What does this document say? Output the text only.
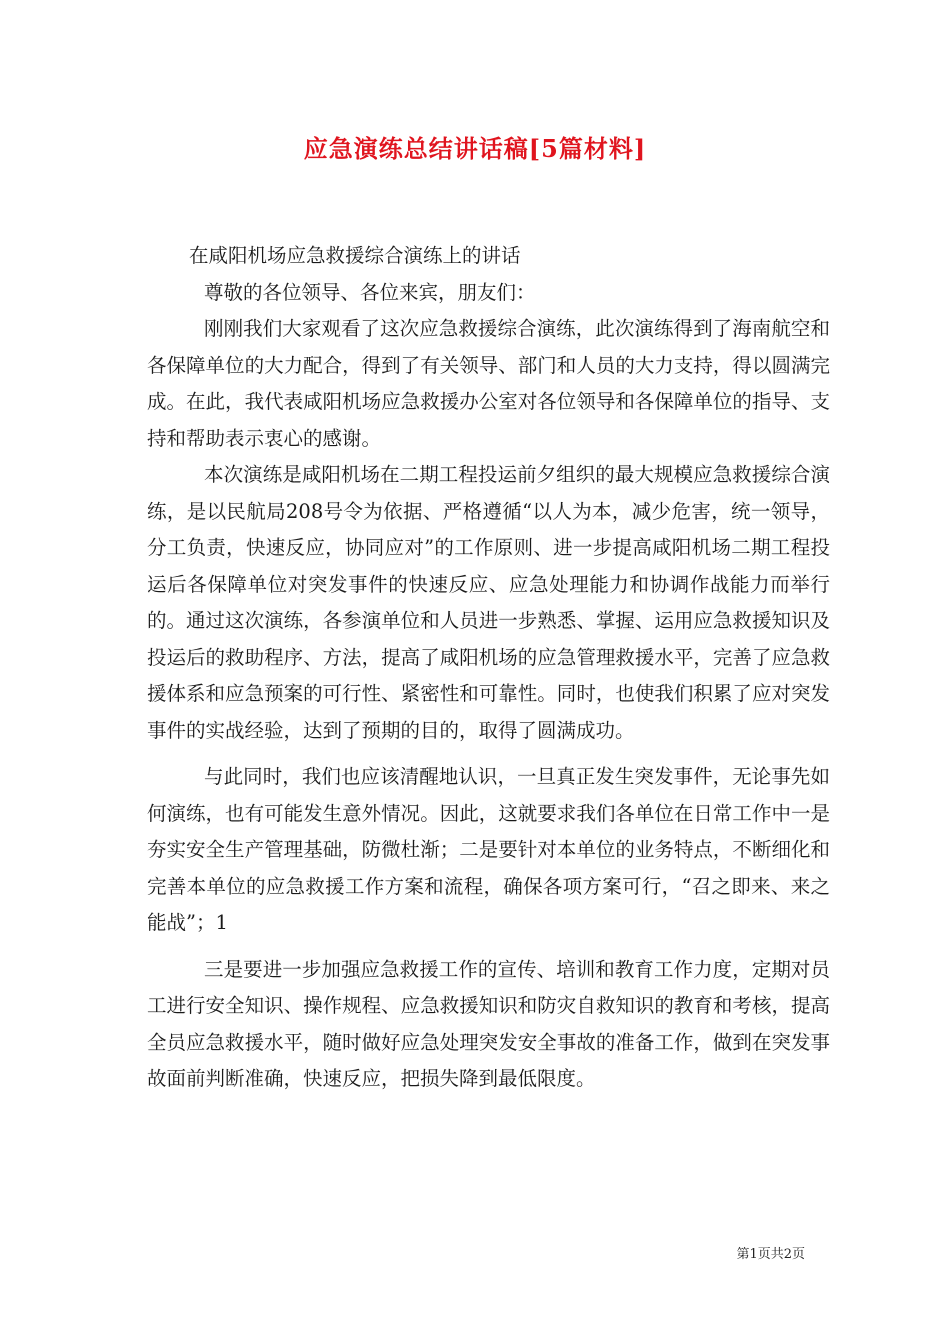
应急演练总结讲话稿[5篇材料]

在咸阳机场应急救援综合演练上的讲话

尊敬的各位领导、各位来宾，朋友们：

刚刚我们大家观看了这次应急救援综合演练，此次演练得到了海南航空和各保障单位的大力配合，得到了有关领导、部门和人员的大力支持，得以圆满完成。在此，我代表咸阳机场应急救援办公室对各位领导和各保障单位的指导、支持和帮助表示衷心的感谢。

本次演练是咸阳机场在二期工程投运前夕组织的最大规模应急救援综合演练，是以民航局208号令为依据、严格遵循“以人为本，减少危害，统一领导，分工负责，快速反应，协同应对”的工作原则、进一步提高咸阳机场二期工程投运后各保障单位对突发事件的快速反应、应急处理能力和协调作战能力而举行的。通过这次演练，各参演单位和人员进一步熟悉、掌握、运用应急救援知识及投运后的救助程序、方法，提高了咸阳机场的应急管理救援水平，完善了应急救援体系和应急预案的可行性、紧密性和可靠性。同时，也使我们积累了应对突发事件的实战经验，达到了预期的目的，取得了圆满成功。

与此同时，我们也应该清醒地认识，一旦真正发生突发事件，无论事先如何演练，也有可能发生意外情况。因此，这就要求我们各单位在日常工作中一是夯实安全生产管理基础，防微杜渐；二是要针对本单位的业务特点，不断细化和完善本单位的应急救援工作方案和流程，确保各项方案可行，“召之即来、来之能战”；1

三是要进一步加强应急救援工作的宣传、培训和教育工作力度，定期对员工进行安全知识、操作规程、应急救援知识和防灾自救知识的教育和考核，提高全员应急救援水平，随时做好应急处理突发安全事故的准备工作，做到在突发事故面前判断准确，快速反应，把损失降到最低限度。

第1页共2页
